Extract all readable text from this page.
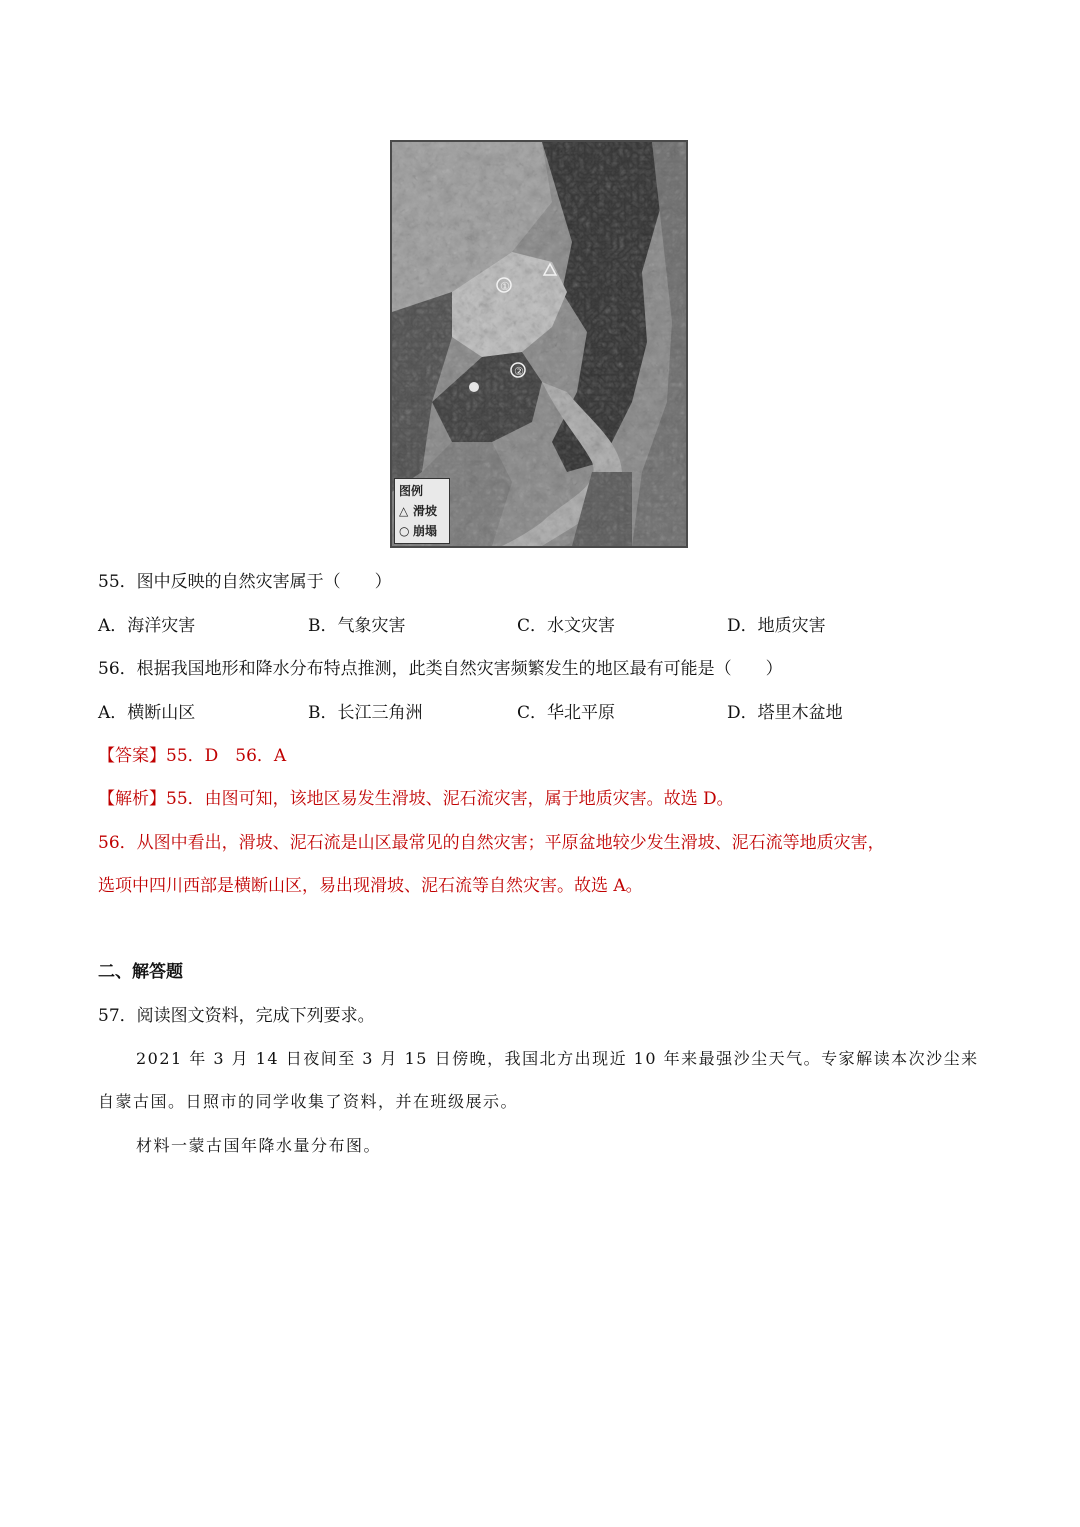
①
②
图例
△ 滑坡
○ 崩塌
55．图中反映的自然灾害属于（　　）
A．海洋灾害	B．气象灾害	C．水文灾害	D．地质灾害
56．根据我国地形和降水分布特点推测，此类自然灾害频繁发生的地区最有可能是（　　）
A．横断山区	B．长江三角洲	C．华北平原	D．塔里木盆地
【答案】55．D　56．A
【解析】55．由图可知，该地区易发生滑坡、泥石流灾害，属于地质灾害。故选 D。
56．从图中看出，滑坡、泥石流是山区最常见的自然灾害；平原盆地较少发生滑坡、泥石流等地质灾害，
选项中四川西部是横断山区，易出现滑坡、泥石流等自然灾害。故选 A。
二、解答题
57．阅读图文资料，完成下列要求。
2021 年 3 月 14 日夜间至 3 月 15 日傍晚，我国北方出现近 10 年来最强沙尘天气。专家解读本次沙尘来
自蒙古国。日照市的同学收集了资料，并在班级展示。
材料一蒙古国年降水量分布图。
